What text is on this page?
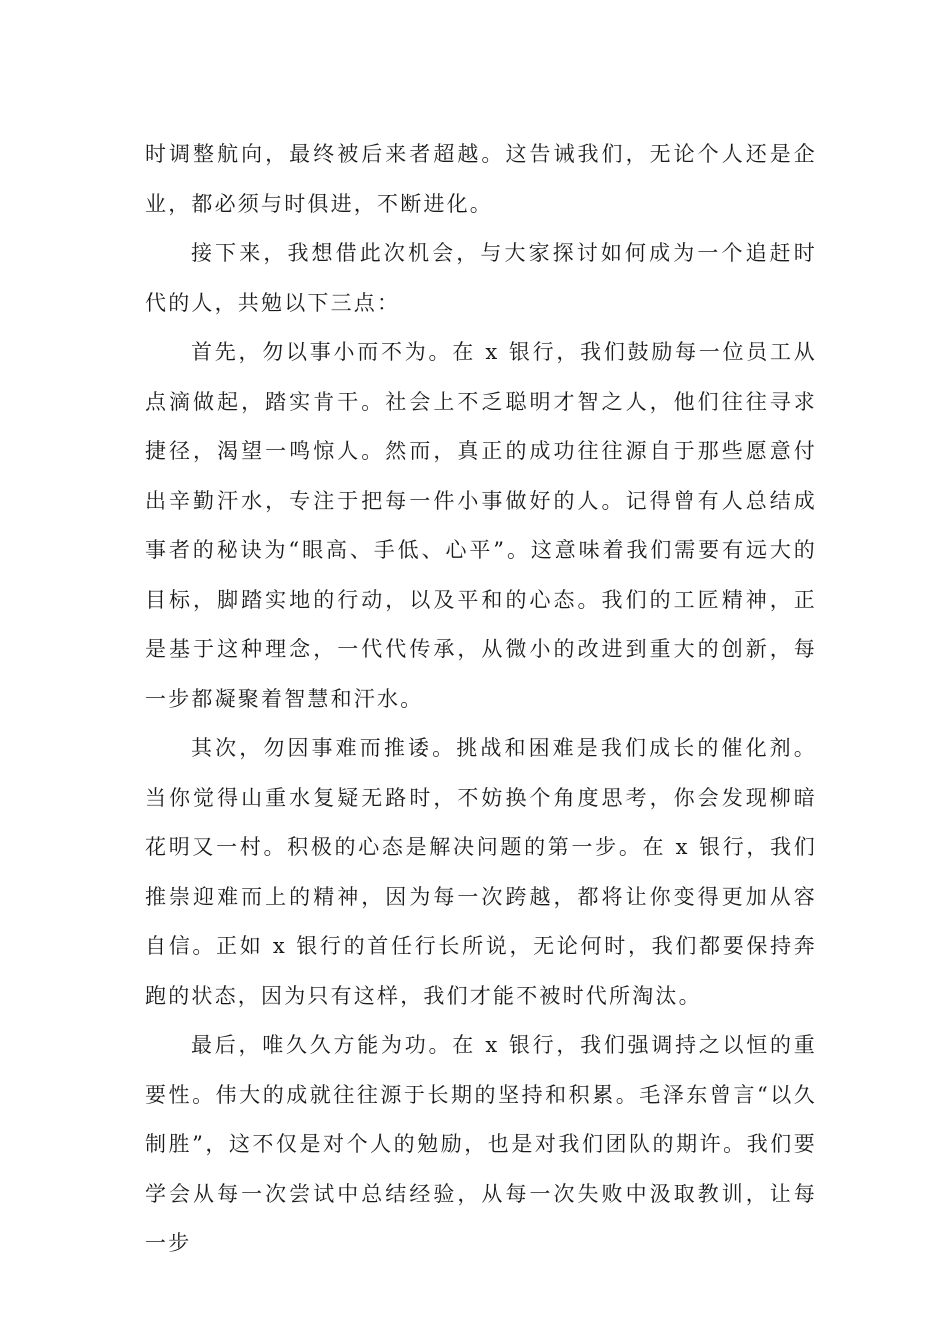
时调整航向，最终被后来者超越。这告诫我们，无论个人还是企业，都必须与时俱进，不断进化。

接下来，我想借此次机会，与大家探讨如何成为一个追赶时代的人，共勉以下三点：

首先，勿以事小而不为。在 x 银行，我们鼓励每一位员工从点滴做起，踏实肯干。社会上不乏聪明才智之人，他们往往寻求捷径，渴望一鸣惊人。然而，真正的成功往往源自于那些愿意付出辛勤汗水，专注于把每一件小事做好的人。记得曾有人总结成事者的秘诀为“眼高、手低、心平”。这意味着我们需要有远大的目标，脚踏实地的行动，以及平和的心态。我们的工匠精神，正是基于这种理念，一代代传承，从微小的改进到重大的创新，每一步都凝聚着智慧和汗水。

其次，勿因事难而推诿。挑战和困难是我们成长的催化剂。当你觉得山重水复疑无路时，不妨换个角度思考，你会发现柳暗花明又一村。积极的心态是解决问题的第一步。在 x 银行，我们推崇迎难而上的精神，因为每一次跨越，都将让你变得更加从容自信。正如 x 银行的首任行长所说，无论何时，我们都要保持奔跑的状态，因为只有这样，我们才能不被时代所淘汰。

最后，唯久久方能为功。在 x 银行，我们强调持之以恒的重要性。伟大的成就往往源于长期的坚持和积累。毛泽东曾言“以久制胜”，这不仅是对个人的勉励，也是对我们团队的期许。我们要学会从每一次尝试中总结经验，从每一次失败中汲取教训，让每一步
